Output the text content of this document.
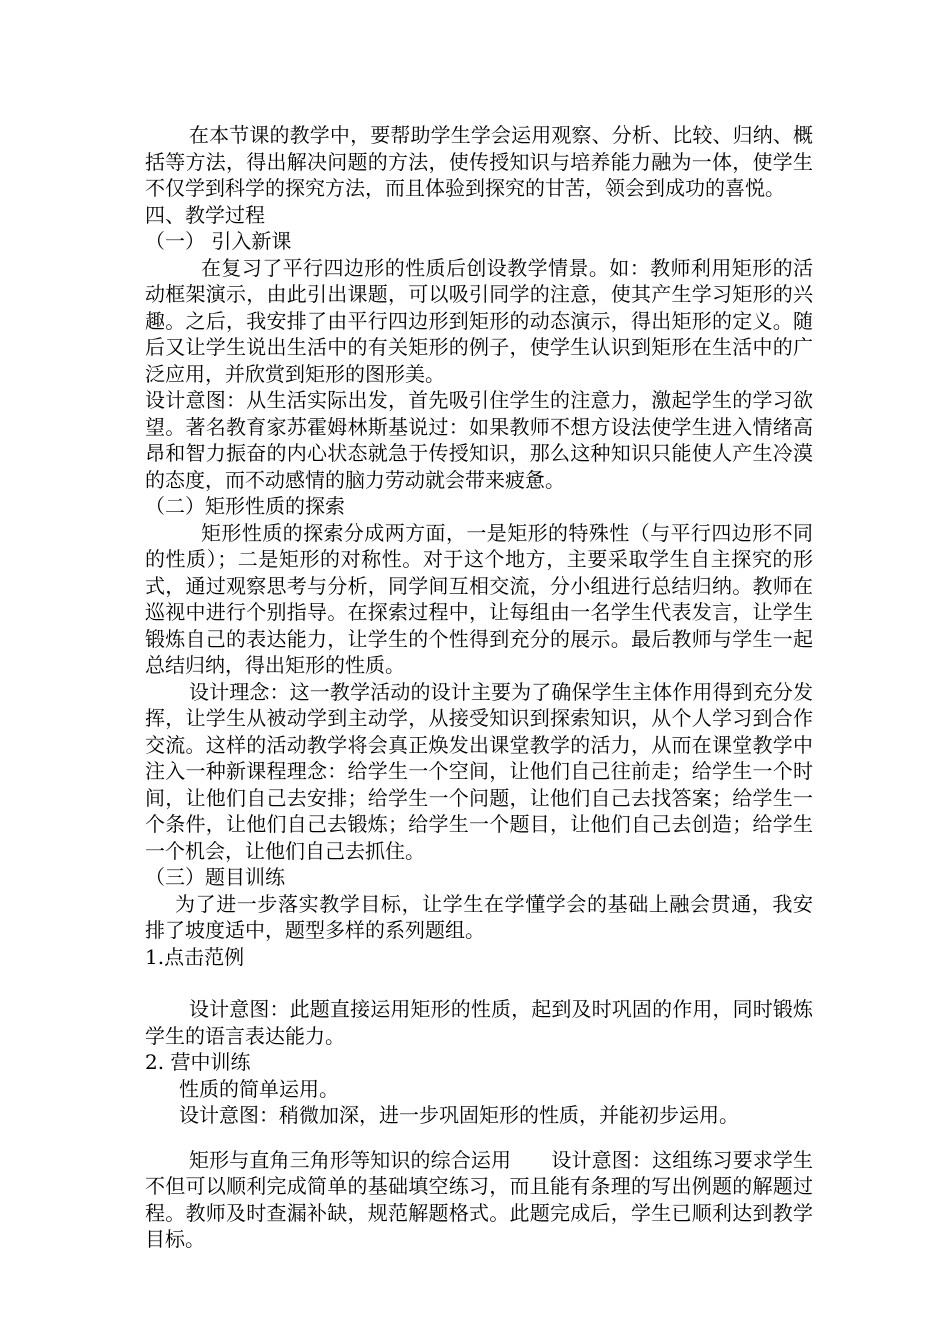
在本节课的教学中，要帮助学生学会运用观察、分析、比较、归纳、概括等方法，得出解决问题的方法，使传授知识与培养能力融为一体，使学生不仅学到科学的探究方法，而且体验到探究的甘苦，领会到成功的喜悦。

四、教学过程

（一） 引入新课

在复习了平行四边形的性质后创设教学情景。如：教师利用矩形的活动框架演示，由此引出课题，可以吸引同学的注意，使其产生学习矩形的兴趣。之后，我安排了由平行四边形到矩形的动态演示，得出矩形的定义。随后又让学生说出生活中的有关矩形的例子，使学生认识到矩形在生活中的广泛应用，并欣赏到矩形的图形美。

设计意图：从生活实际出发，首先吸引住学生的注意力，激起学生的学习欲望。著名教育家苏霍姆林斯基说过：如果教师不想方设法使学生进入情绪高昂和智力振奋的内心状态就急于传授知识，那么这种知识只能使人产生冷漠的态度，而不动感情的脑力劳动就会带来疲惫。

（二）矩形性质的探索

矩形性质的探索分成两方面，一是矩形的特殊性（与平行四边形不同的性质）；二是矩形的对称性。对于这个地方，主要采取学生自主探究的形式，通过观察思考与分析，同学间互相交流，分小组进行总结归纳。教师在巡视中进行个别指导。在探索过程中，让每组由一名学生代表发言，让学生锻炼自己的表达能力，让学生的个性得到充分的展示。最后教师与学生一起总结归纳，得出矩形的性质。

设计理念：这一教学活动的设计主要为了确保学生主体作用得到充分发挥，让学生从被动学到主动学，从接受知识到探索知识，从个人学习到合作交流。这样的活动教学将会真正焕发出课堂教学的活力，从而在课堂教学中注入一种新课程理念：给学生一个空间，让他们自己往前走；给学生一个时间，让他们自己去安排；给学生一个问题，让他们自己去找答案；给学生一个条件，让他们自己去锻炼；给学生一个题目，让他们自己去创造；给学生一个机会，让他们自己去抓住。

（三）题目训练

为了进一步落实教学目标，让学生在学懂学会的基础上融会贯通，我安排了坡度适中，题型多样的系列题组。

1.点击范例

设计意图：此题直接运用矩形的性质，起到及时巩固的作用，同时锻炼学生的语言表达能力。

2. 营中训练

性质的简单运用。

设计意图：稍微加深，进一步巩固矩形的性质，并能初步运用。

矩形与直角三角形等知识的综合运用　　设计意图：这组练习要求学生不但可以顺利完成简单的基础填空练习，而且能有条理的写出例题的解题过程。教师及时查漏补缺，规范解题格式。此题完成后，学生已顺利达到教学目标。
